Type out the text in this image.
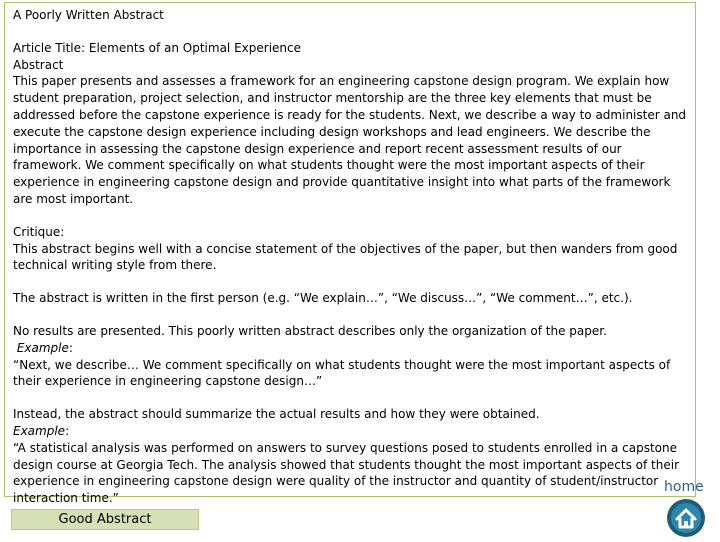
A Poorly Written Abstract

Article Title: Elements of an Optimal Experience

Abstract

This paper presents and assesses a framework for an engineering capstone design program. We explain how student preparation, project selection, and instructor mentorship are the three key elements that must be addressed before the capstone experience is ready for the students. Next, we describe a way to administer and execute the capstone design experience including design workshops and lead engineers. We describe the importance in assessing the capstone design experience and report recent assessment results of our framework. We comment specifically on what students thought were the most important aspects of their experience in engineering capstone design and provide quantitative insight into what parts of the framework are most important.

Critique:

This abstract begins well with a concise statement of the objectives of the paper, but then wanders from good technical writing style from there.

The abstract is written in the first person (e.g. “We explain…”, “We discuss…”, “We comment…”, etc.).

No results are presented. This poorly written abstract describes only the organization of the paper.

Example:

“Next, we describe… We comment specifically on what students thought were the most important aspects of their experience in engineering capstone design…”

Instead, the abstract should summarize the actual results and how they were obtained.

Example:

“A statistical analysis was performed on answers to survey questions posed to students enrolled in a capstone design course at Georgia Tech. The analysis showed that students thought the most important aspects of their experience in engineering capstone design were quality of the instructor and quantity of student/instructor interaction time.”

home
Good Abstract
